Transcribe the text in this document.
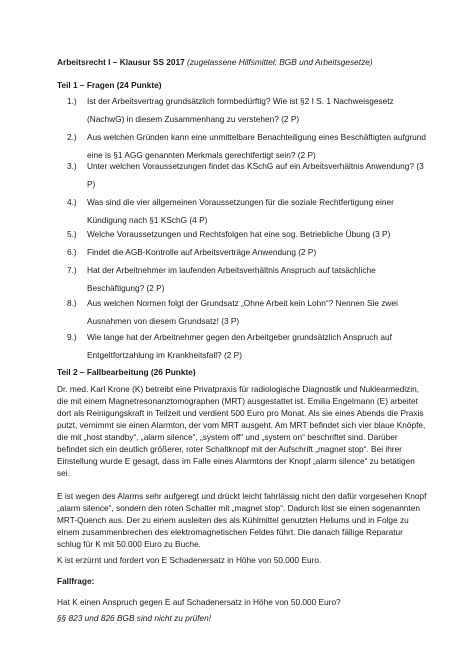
Arbeitsrecht I – Klausur SS 2017 (zugelassene Hilfsmittel: BGB und Arbeitsgesetze)
Teil 1 – Fragen (24 Punkte)
1.) Ist der Arbeitsvertrag grundsätzlich formbedürftig? Wie ist §2 I S. 1 Nachweisgesetz (NachwG) in diesem Zusammenhang zu verstehen? (2 P)
2.) Aus welchen Gründen kann eine unmittelbare Benachteiligung eines Beschäftigten aufgrund eine is §1 AGG genannten Merkmals gerechtfertigt sein? (2 P)
3.) Unter welchen Voraussetzungen findet das KSchG auf ein Arbeitsverhältnis Anwendung? (3 P)
4.) Was sind die vier allgemeinen Voraussetzungen für die soziale Rechtfertigung einer Kündigung nach §1 KSchG (4 P)
5.) Welche Voraussetzungen und Rechtsfolgen hat eine sog. Betriebliche Übung (3 P)
6.) Findet die AGB-Kontrolle auf Arbeitsverträge Anwendung (2 P)
7.) Hat der Arbeitnehmer im laufenden Arbeitsverhältnis Anspruch auf tatsächliche Beschäftigung? (2 P)
8.) Aus welchen Normen folgt der Grundsatz „Ohne Arbeit kein Lohn“? Nennen Sie zwei Ausnahmen von diesem Grundsatz! (3 P)
9.) Wie lange hat der Arbeitnehmer gegen den Arbeitgeber grundsätzlich Anspruch auf Entgeltfortzahlung im Krankheitsfall? (2 P)
Teil 2 – Fallbearbeitung (26 Punkte)
Dr. med. Karl Krone (K) betreibt eine Privatpraxis für radiologische Diagnostik und Nuklearmedizin, die mit einem Magnetresonanztomographen (MRT) ausgestattet ist. Emilia Engelmann (E) arbeitet dort als Reinigungskraft in Teilzeit und verdient 500 Euro pro Monat. Als sie eines Abends die Praxis putzt, vernimmt sie einen Alarmton, der vom MRT ausgeht. Am MRT befindet sich vier blaue Knöpfe, die mit „host standby“, „alarm silence“, „system off“ und „system on“ beschriftet sind. Darüber befindet sich ein deutlich größerer, roter Schaltknopf mit der Aufschrift „magnet stop“. Bei ihrer Einstellung wurde E gesagt, dass im Falle eines Alarmtons der Knopf „alarm silence“ zu betätigen sei.
E ist wegen des Alarms sehr aufgeregt und drückt leicht fahrlässig nicht den dafür vorgesehen Knopf „alarm silence“, sondern den roten Schalter mit „magnet stop“. Dadurch löst sie einen sogenannten MRT-Quench aus. Der zu einem ausleiten des als Kühlmittel genutzten Heliums und in Folge zu einem zusammenbrechen des elektromagnetischen Feldes führt. Die danach fällige Reparatur schlug für K mit 50.000 Euro zu Buche.
K ist erzürnt und fordert von E Schadenersatz in Höhe von 50.000 Euro.
Fallfrage:
Hat K einen Anspruch gegen E auf Schadenersatz in Höhe von 50.000 Euro?
§§ 823 und 826 BGB sind nicht zu prüfen!
